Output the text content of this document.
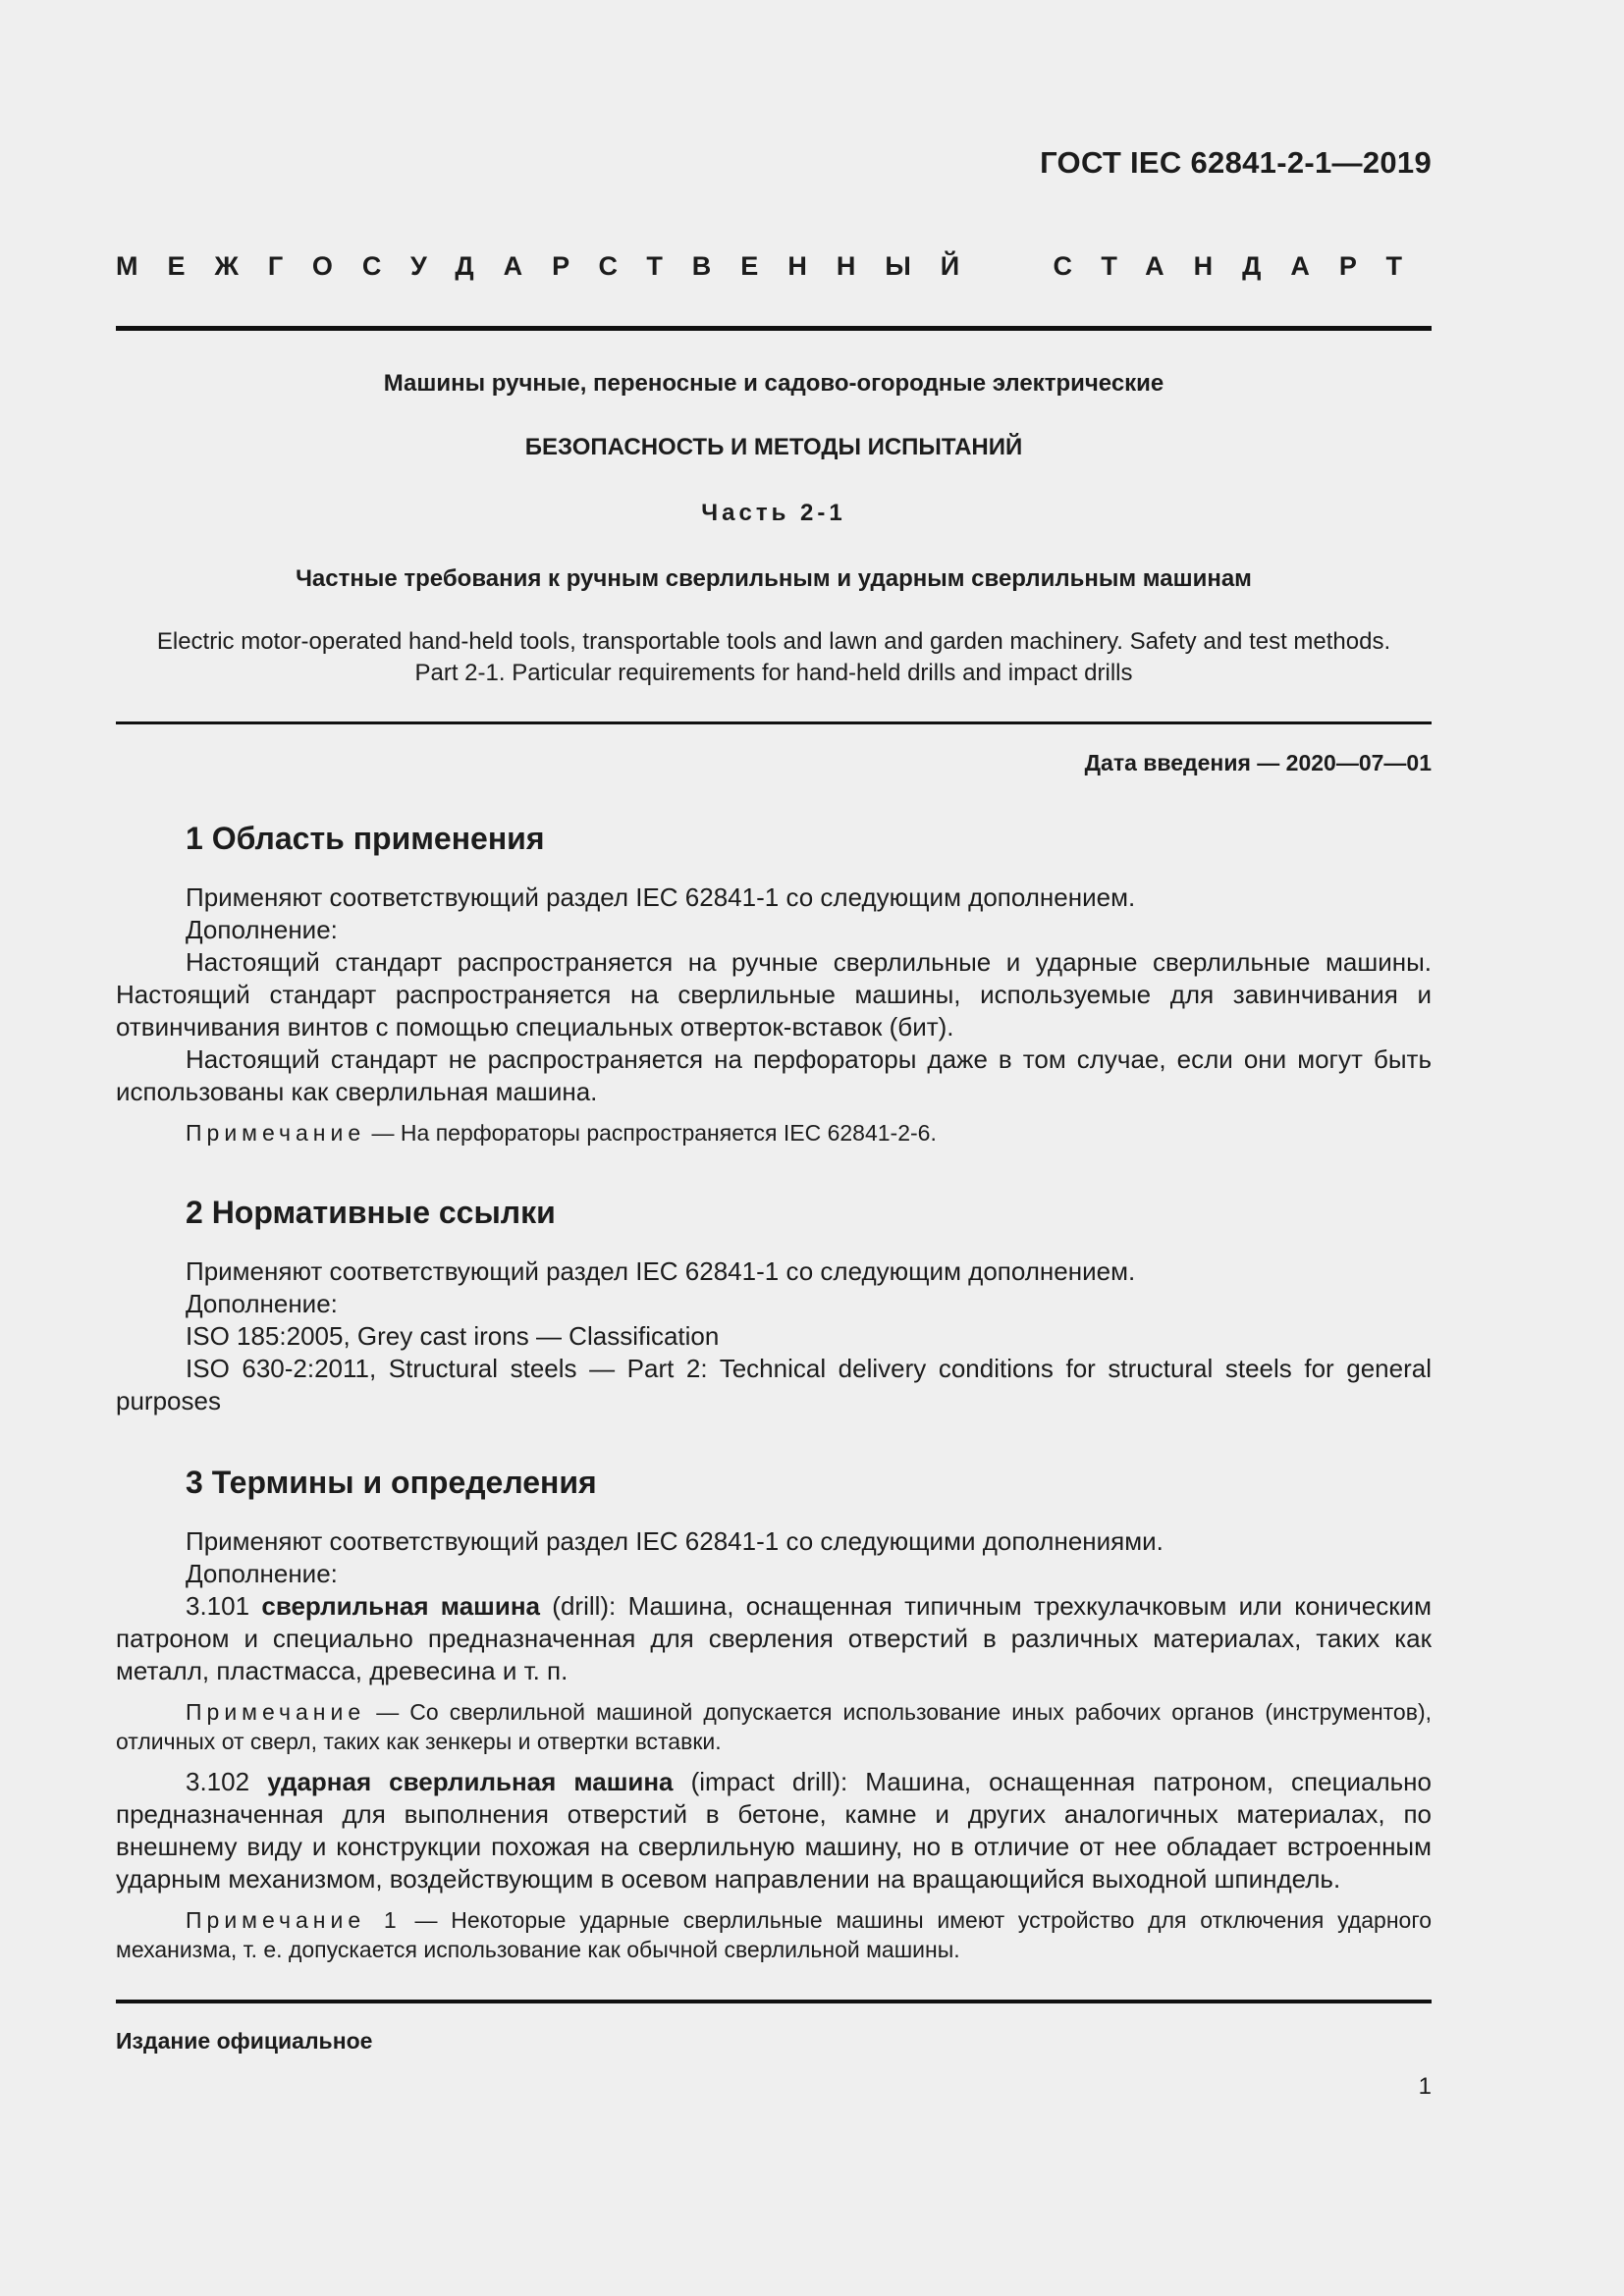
ГОСТ IEC 62841-2-1—2019
МЕЖГОСУДАРСТВЕННЫЙ СТАНДАРТ
Машины ручные, переносные и садово-огородные электрические
БЕЗОПАСНОСТЬ И МЕТОДЫ ИСПЫТАНИЙ
Часть 2-1
Частные требования к ручным сверлильным и ударным сверлильным машинам
Electric motor-operated hand-held tools, transportable tools and lawn and garden machinery. Safety and test methods.
Part 2-1. Particular requirements for hand-held drills and impact drills
Дата введения — 2020—07—01
1 Область применения

Применяют соответствующий раздел IEC 62841-1 со следующим дополнением.

Дополнение:

Настоящий стандарт распространяется на ручные сверлильные и ударные сверлильные машины. Настоящий стандарт распространяется на сверлильные машины, используемые для завинчивания и отвинчивания винтов с помощью специальных отверток-вставок (бит).

Настоящий стандарт не распространяется на перфораторы даже в том случае, если они могут быть использованы как сверлильная машина.

Примечание — На перфораторы распространяется IEC 62841-2-6.

2 Нормативные ссылки

Применяют соответствующий раздел IEC 62841-1 со следующим дополнением.

Дополнение:

ISO 185:2005, Grey cast irons — Classification

ISO 630-2:2011, Structural steels — Part 2: Technical delivery conditions for structural steels for general purposes

3 Термины и определения

Применяют соответствующий раздел IEC 62841-1 со следующими дополнениями.

Дополнение:

3.101 сверлильная машина (drill): Машина, оснащенная типичным трехкулачковым или коническим патроном и специально предназначенная для сверления отверстий в различных материалах, таких как металл, пластмасса, древесина и т. п.

Примечание — Со сверлильной машиной допускается использование иных рабочих органов (инструментов), отличных от сверл, таких как зенкеры и отвертки вставки.

3.102 ударная сверлильная машина (impact drill): Машина, оснащенная патроном, специально предназначенная для выполнения отверстий в бетоне, камне и других аналогичных материалах, по внешнему виду и конструкции похожая на сверлильную машину, но в отличие от нее обладает встроенным ударным механизмом, воздействующим в осевом направлении на вращающийся выходной шпиндель.

Примечание 1 — Некоторые ударные сверлильные машины имеют устройство для отключения ударного механизма, т. е. допускается использование как обычной сверлильной машины.

Издание официальное
1
